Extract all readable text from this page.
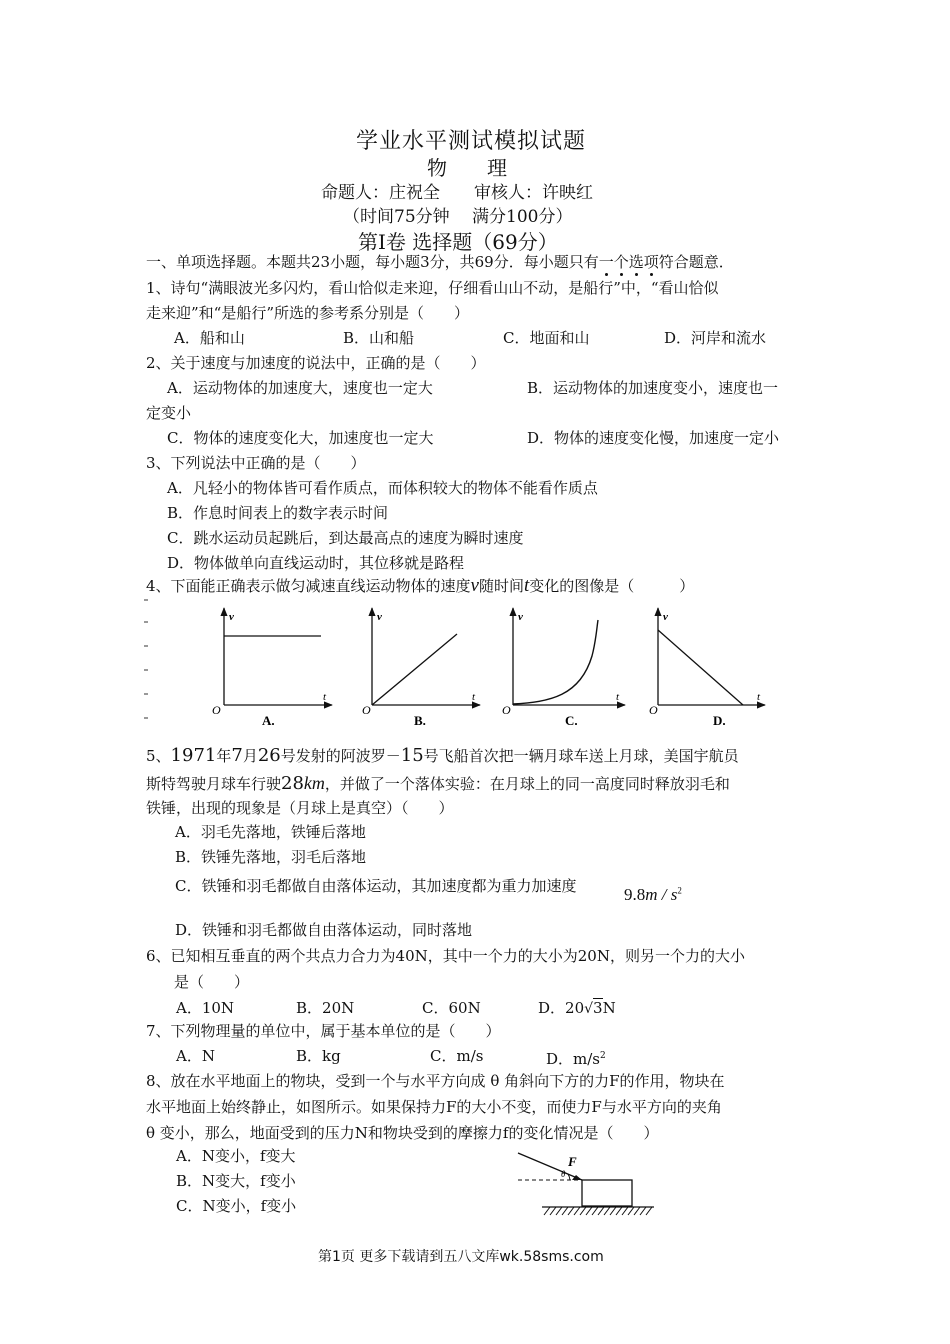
学业水平测试模拟试题
物　　理
命题人：庄祝全　　审核人：许映红
（时间75分钟　 满分100分）
第Ⅰ卷 选择题（69分）
一、单项选择题。本题共23小题，每小题3分，共69分．每小题只有一个选项符合题意．
1、诗句“满眼波光多闪灼，看山恰似走来迎，仔细看山山不动，是船行”中，“看山恰似
走来迎”和“是船行”所选的参考系分别是（　　）
A．船和山	B．山和船	C．地面和山	D．河岸和流水
2、关于速度与加速度的说法中，正确的是（　　）
A．运动物体的加速度大，速度也一定大	B．运动物体的加速度变小，速度也一
定变小
C．物体的速度变化大，加速度也一定大	D．物体的速度变化慢，加速度一定小
3、下列说法中正确的是（　　）
A．凡轻小的物体皆可看作质点，而体积较大的物体不能看作质点
B．作息时间表上的数字表示时间
C．跳水运动员起跳后，到达最高点的速度为瞬时速度
D．物体做单向直线运动时，其位移就是路程
4、下面能正确表示做匀减速直线运动物体的速度v随时间t变化的图像是（　　　）
v
t
O
A.
v
t
O
B.
v
t
O
C.
v
t
O
D.
5、1971年7月26号发射的阿波罗－15号飞船首次把一辆月球车送上月球，美国宇航员
斯特驾驶月球车行驶28km，并做了一个落体实验：在月球上的同一高度同时释放羽毛和
铁锤，出现的现象是（月球上是真空）（　　）
A．羽毛先落地，铁锤后落地
B．铁锤先落地，羽毛后落地
C．铁锤和羽毛都做自由落体运动，其加速度都为重力加速度	$9.8m / s^2$
D．铁锤和羽毛都做自由落体运动，同时落地
6、已知相互垂直的两个共点力合力为40N，其中一个力的大小为20N，则另一个力的大小
是（　　）
A．10N	B．20N	C．60N	D．20√3N
7、下列物理量的单位中，属于基本单位的是（　　）
A．N	B．kg	C．m/s	D．$m/s^2$
8、放在水平地面上的物块，受到一个与水平方向成 θ 角斜向下方的力F的作用，物块在
水平地面上始终静止，如图所示。如果保持力F的大小不变，而使力F与水平方向的夹角
θ 变小，那么，地面受到的压力N和物块受到的摩擦力f的变化情况是（　　）
A．N变小，f变大
B．N变大，f变小
C．N变小，f变小
F
θ
第1页 更多下载请到五八文库wk.58sms.com
